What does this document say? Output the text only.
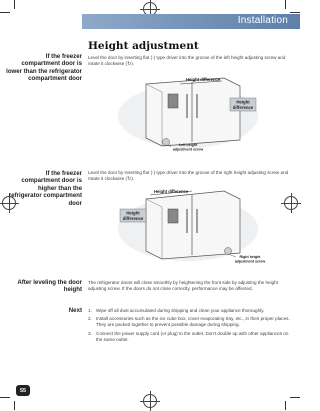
Installation
Height adjustment
If the freezer compartment door is lower than the refrigerator compartment door
Level the door by inserting flat (-) type driver into the groove of the left height adjusting screw and rotate it clockwise (↻).
Height difference
Height
difference
Left height
adjustment screw
If the freezer compartment door is higher than the refrigerator compartment door
Level the door by inserting flat (-) type driver into the groove of the right height adjusting screw and rotate it clockwise (↻).
Height difference
Height
difference
Right height
adjustment screw
After leveling the door height
The refrigerator doors will close smoothly by heightening the front side by adjusting the height adjusting screw. If the doors do not close correctly, performance may be affected.
Next 1. Wipe off all dust accumulated during shipping and clean your appliance thoroughly.
2. Install accessories such as the ice cube box, cover evaporating tray, etc., in their proper places. They are packed together to prevent possible damage during shipping.
3. Connect the power supply cord (or plug) to the outlet. Don't double up with other appliances on the same outlet.
55
